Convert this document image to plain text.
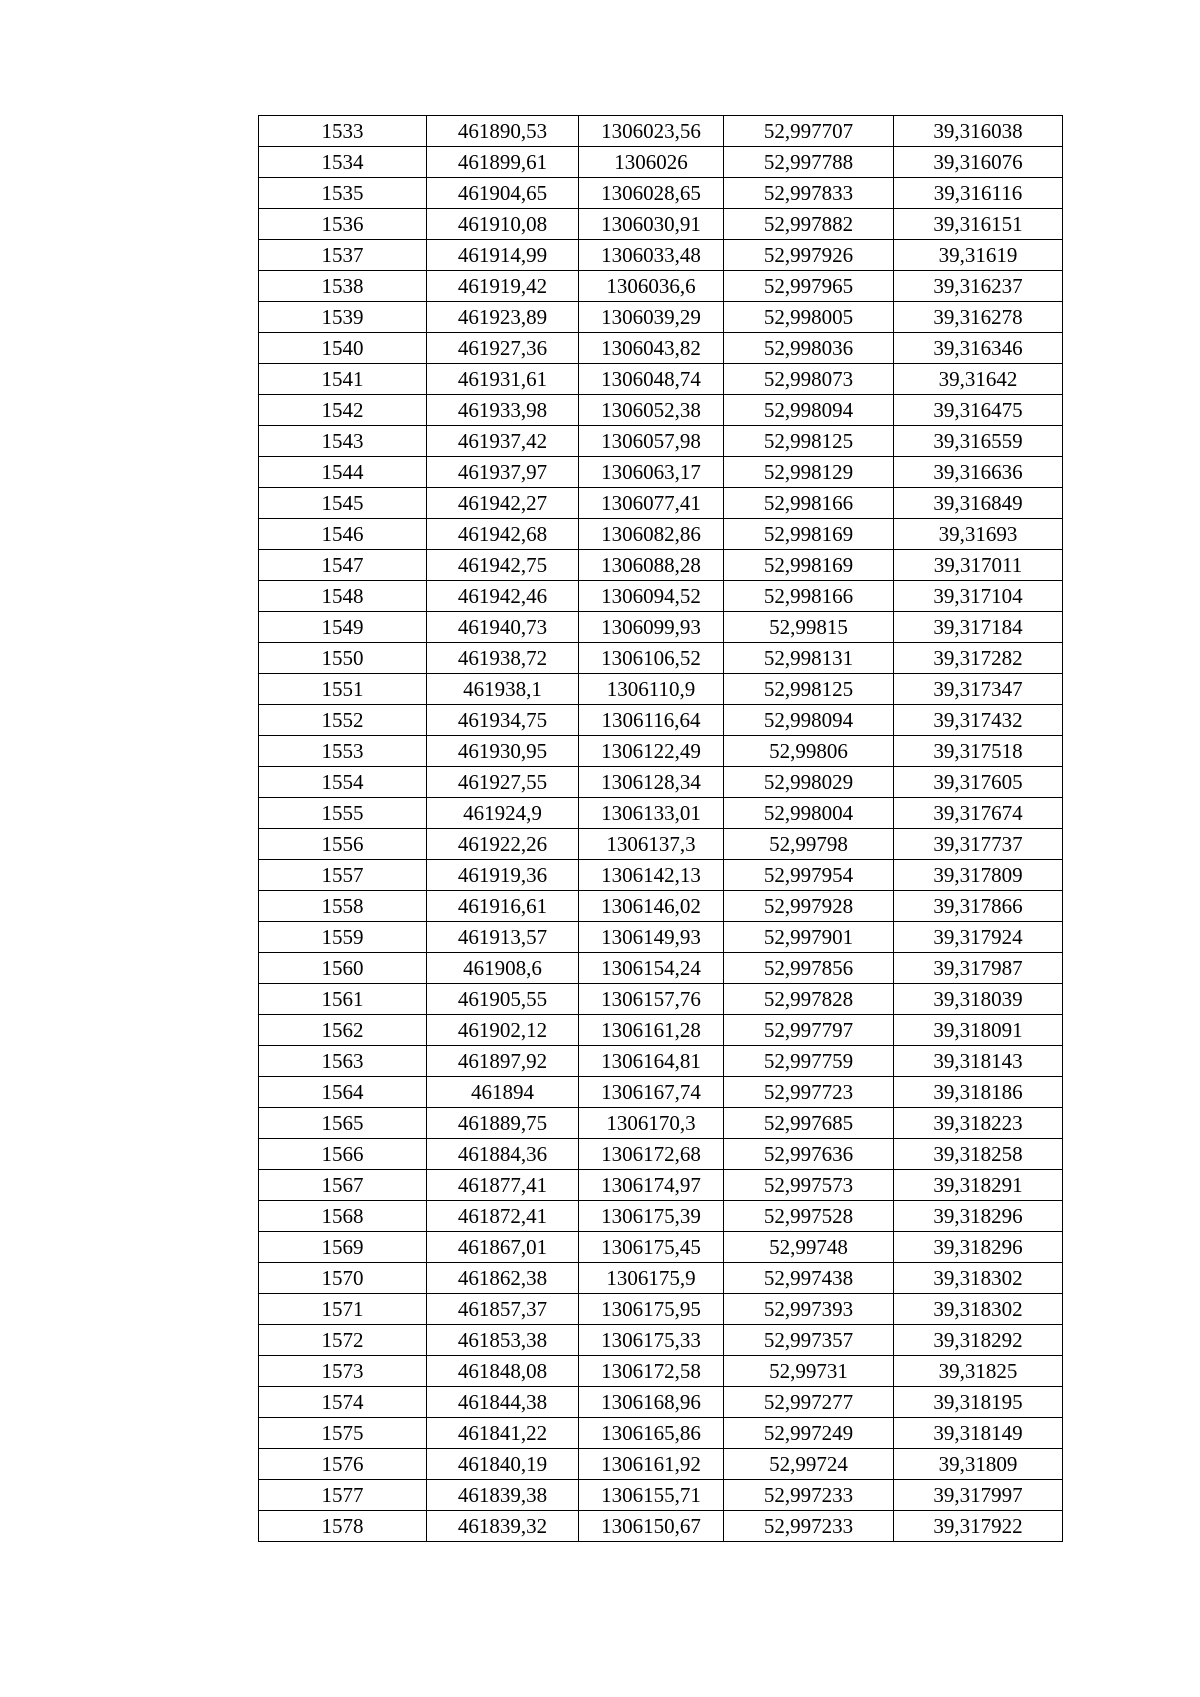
1533	461890,53	1306023,56	52,997707	39,316038
1534	461899,61	1306026	52,997788	39,316076
1535	461904,65	1306028,65	52,997833	39,316116
1536	461910,08	1306030,91	52,997882	39,316151
1537	461914,99	1306033,48	52,997926	39,31619
1538	461919,42	1306036,6	52,997965	39,316237
1539	461923,89	1306039,29	52,998005	39,316278
1540	461927,36	1306043,82	52,998036	39,316346
1541	461931,61	1306048,74	52,998073	39,31642
1542	461933,98	1306052,38	52,998094	39,316475
1543	461937,42	1306057,98	52,998125	39,316559
1544	461937,97	1306063,17	52,998129	39,316636
1545	461942,27	1306077,41	52,998166	39,316849
1546	461942,68	1306082,86	52,998169	39,31693
1547	461942,75	1306088,28	52,998169	39,317011
1548	461942,46	1306094,52	52,998166	39,317104
1549	461940,73	1306099,93	52,99815	39,317184
1550	461938,72	1306106,52	52,998131	39,317282
1551	461938,1	1306110,9	52,998125	39,317347
1552	461934,75	1306116,64	52,998094	39,317432
1553	461930,95	1306122,49	52,99806	39,317518
1554	461927,55	1306128,34	52,998029	39,317605
1555	461924,9	1306133,01	52,998004	39,317674
1556	461922,26	1306137,3	52,99798	39,317737
1557	461919,36	1306142,13	52,997954	39,317809
1558	461916,61	1306146,02	52,997928	39,317866
1559	461913,57	1306149,93	52,997901	39,317924
1560	461908,6	1306154,24	52,997856	39,317987
1561	461905,55	1306157,76	52,997828	39,318039
1562	461902,12	1306161,28	52,997797	39,318091
1563	461897,92	1306164,81	52,997759	39,318143
1564	461894	1306167,74	52,997723	39,318186
1565	461889,75	1306170,3	52,997685	39,318223
1566	461884,36	1306172,68	52,997636	39,318258
1567	461877,41	1306174,97	52,997573	39,318291
1568	461872,41	1306175,39	52,997528	39,318296
1569	461867,01	1306175,45	52,99748	39,318296
1570	461862,38	1306175,9	52,997438	39,318302
1571	461857,37	1306175,95	52,997393	39,318302
1572	461853,38	1306175,33	52,997357	39,318292
1573	461848,08	1306172,58	52,99731	39,31825
1574	461844,38	1306168,96	52,997277	39,318195
1575	461841,22	1306165,86	52,997249	39,318149
1576	461840,19	1306161,92	52,99724	39,31809
1577	461839,38	1306155,71	52,997233	39,317997
1578	461839,32	1306150,67	52,997233	39,317922
